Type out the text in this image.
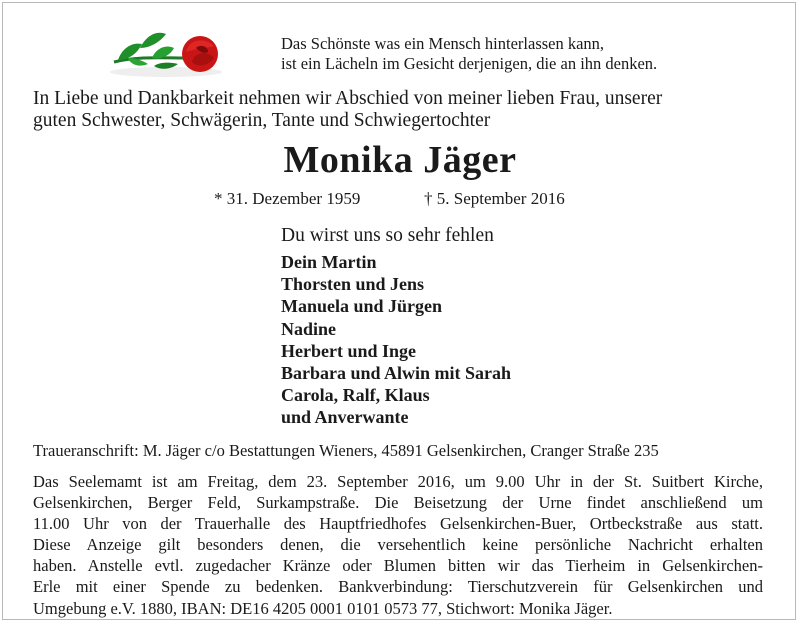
Das Schönste was ein Mensch hinterlassen kann,
ist ein Lächeln im Gesicht derjenigen, die an ihn denken.
In Liebe und Dankbarkeit nehmen wir Abschied von meiner lieben Frau, unserer
guten Schwester, Schwägerin, Tante und Schwiegertochter
Monika Jäger
* 31. Dezember 1959	† 5. September 2016
Du wirst uns so sehr fehlen
Dein Martin
Thorsten und Jens
Manuela und Jürgen
Nadine
Herbert und Inge
Barbara und Alwin mit Sarah
Carola, Ralf, Klaus
und Anverwante
Traueranschrift: M. Jäger c/o Bestattungen Wieners, 45891 Gelsenkirchen, Cranger Straße 235
Das Seelemamt ist am Freitag, dem 23. September 2016, um 9.00 Uhr in der St. Suitbert Kirche,
Gelsenkirchen, Berger Feld, Surkampstraße. Die Beisetzung der Urne findet anschließend um
11.00 Uhr von der Trauerhalle des Hauptfriedhofes Gelsenkirchen-Buer, Ortbeckstraße aus statt.
Diese Anzeige gilt besonders denen, die versehentlich keine persönliche Nachricht erhalten
haben. Anstelle evtl. zugedacher Kränze oder Blumen bitten wir das Tierheim in Gelsenkirchen-
Erle mit einer Spende zu bedenken. Bankverbindung: Tierschutzverein für Gelsenkirchen und
Umgebung e.V. 1880, IBAN: DE16 4205 0001 0101 0573 77, Stichwort: Monika Jäger.
